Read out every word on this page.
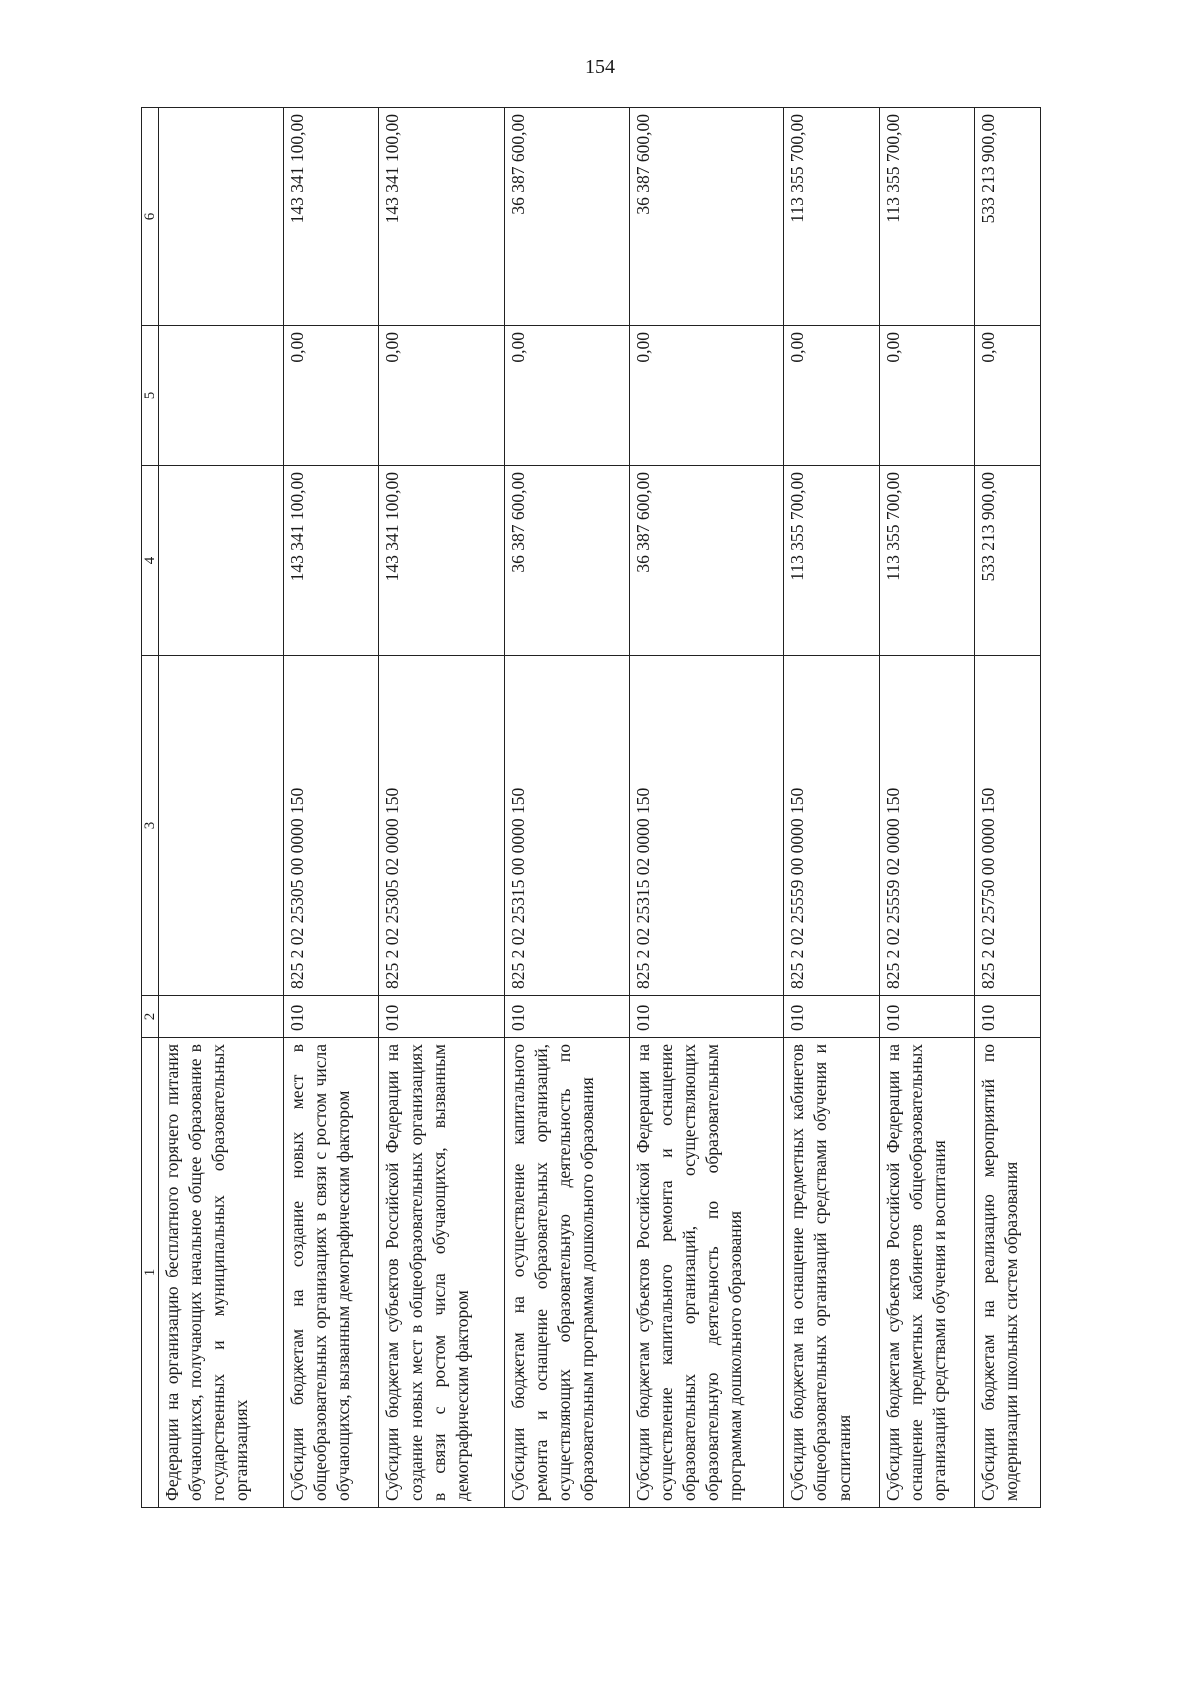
154
1	2	3	4	5	6
Федерации на организацию бесплатного горячего питания обучающихся, получающих начальное общее образование в государственных и муниципальных образовательных организациях					
Субсидии бюджетам на создание новых мест в общеобразовательных организациях в связи с ростом числа обучающихся, вызванным демографическим фактором	010	825 2 02 25305 00 0000 150	143 341 100,00	0,00	143 341 100,00
Субсидии бюджетам субъектов Российской Федерации на создание новых мест в общеобразовательных организациях в связи с ростом числа обучающихся, вызванным демографическим фактором	010	825 2 02 25305 02 0000 150	143 341 100,00	0,00	143 341 100,00
Субсидии бюджетам на осуществление капитального ремонта и оснащение образовательных организаций, осуществляющих образовательную деятельность по образовательным программам дошкольного образования	010	825 2 02 25315 00 0000 150	36 387 600,00	0,00	36 387 600,00
Субсидии бюджетам субъектов Российской Федерации на осуществление капитального ремонта и оснащение образовательных организаций, осуществляющих образовательную деятельность по образовательным программам дошкольного образования	010	825 2 02 25315 02 0000 150	36 387 600,00	0,00	36 387 600,00
Субсидии бюджетам на оснащение предметных кабинетов общеобразовательных организаций средствами обучения и воспитания	010	825 2 02 25559 00 0000 150	113 355 700,00	0,00	113 355 700,00
Субсидии бюджетам субъектов Российской Федерации на оснащение предметных кабинетов общеобразовательных организаций средствами обучения и воспитания	010	825 2 02 25559 02 0000 150	113 355 700,00	0,00	113 355 700,00
Субсидии бюджетам на реализацию мероприятий по модернизации школьных систем образования	010	825 2 02 25750 00 0000 150	533 213 900,00	0,00	533 213 900,00
